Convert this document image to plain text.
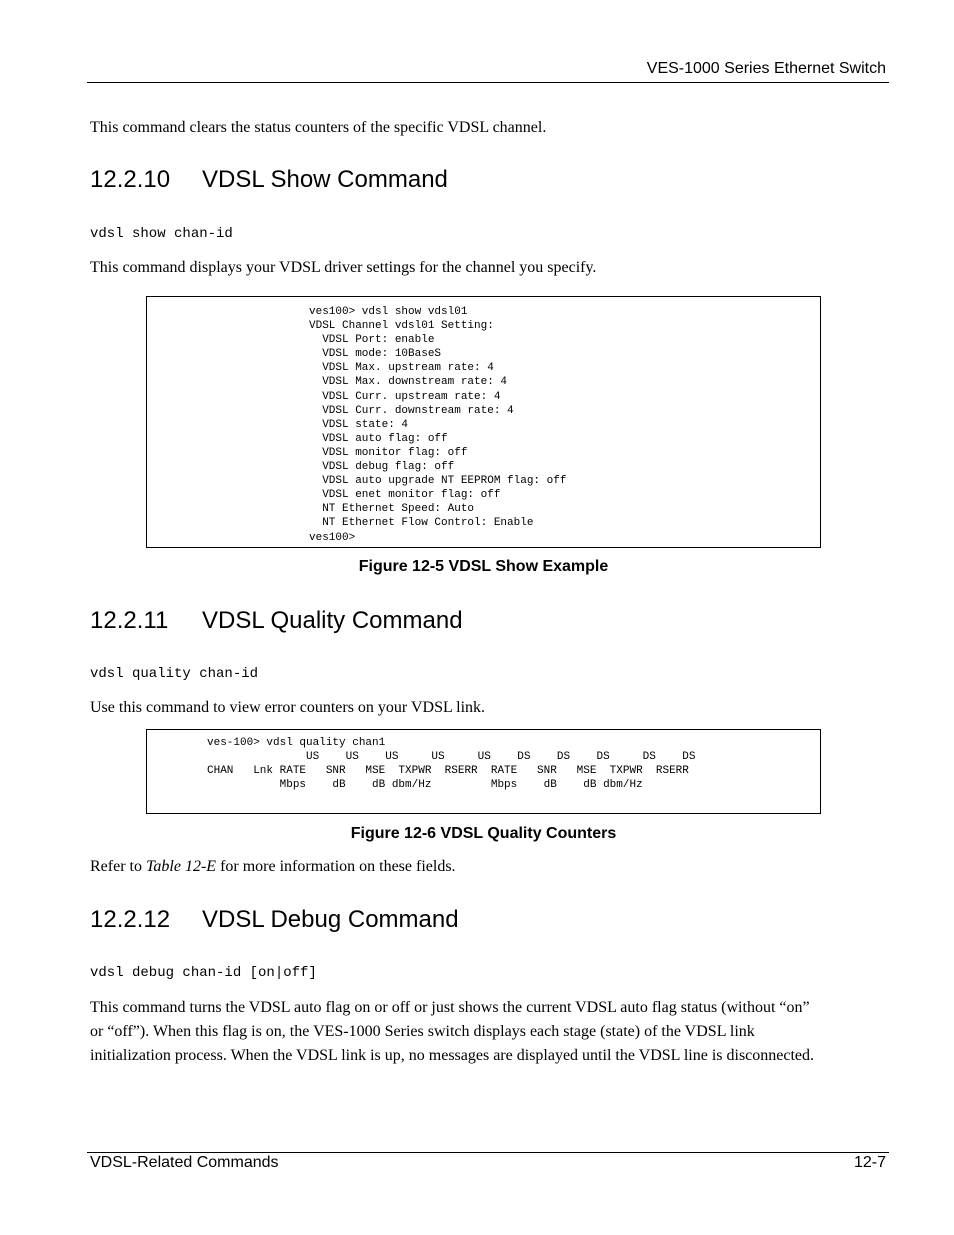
VES-1000 Series Ethernet Switch
This command clears the status counters of the specific VDSL channel.
12.2.10 VDSL Show Command
vdsl show chan-id
This command displays your VDSL driver settings for the channel you specify.
ves100> vdsl show vdsl01
VDSL Channel vdsl01 Setting:
VDSL Port: enable
VDSL mode: 10BaseS
VDSL Max. upstream rate: 4
VDSL Max. downstream rate: 4
VDSL Curr. upstream rate: 4
VDSL Curr. downstream rate: 4
VDSL state: 4
VDSL auto flag: off
VDSL monitor flag: off
VDSL debug flag: off
VDSL auto upgrade NT EEPROM flag: off
VDSL enet monitor flag: off
NT Ethernet Speed: Auto
NT Ethernet Flow Control: Enable
ves100>
Figure 12-5 VDSL Show Example
12.2.11 VDSL Quality Command
vdsl quality chan-id
Use this command to view error counters on your VDSL link.
ves-100> vdsl quality chan1
US    US    US     US     US    DS    DS    DS     DS    DS
CHAN   Lnk RATE   SNR   MSE  TXPWR  RSERR  RATE   SNR   MSE  TXPWR  RSERR
Mbps    dB    dB dbm/Hz         Mbps    dB    dB dbm/Hz
Figure 12-6 VDSL Quality Counters
Refer to Table 12-E for more information on these fields.
12.2.12 VDSL Debug Command
vdsl debug chan-id [on|off]
This command turns the VDSL auto flag on or off or just shows the current VDSL auto flag status (without “on”
or “off”). When this flag is on, the VES-1000 Series switch displays each stage (state) of the VDSL link
initialization process. When the VDSL link is up, no messages are displayed until the VDSL line is disconnected.
VDSL-Related Commands	12-7
